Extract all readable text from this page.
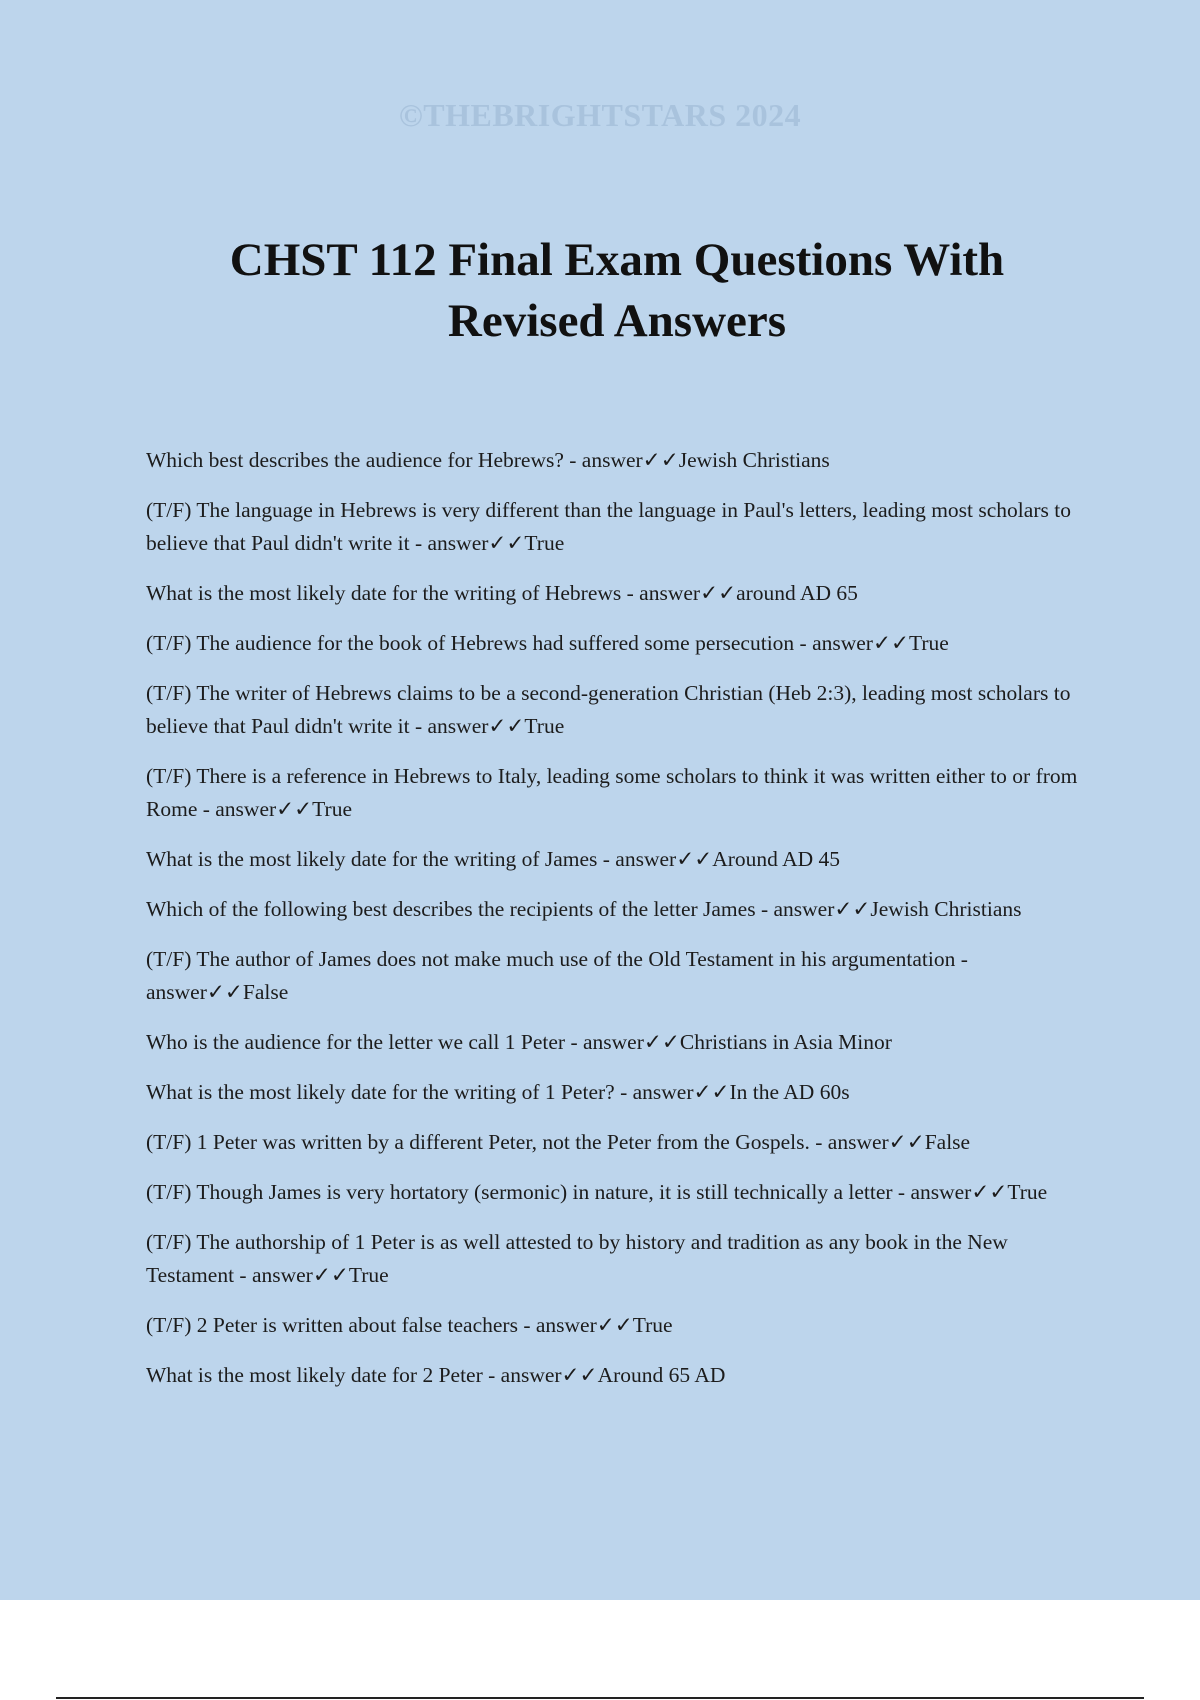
©THEBRIGHTSTARS 2024
CHST 112 Final Exam Questions With Revised Answers
Which best describes the audience for Hebrews? - answer✓✓Jewish Christians
(T/F) The language in Hebrews is very different than the language in Paul's letters, leading most scholars to believe that Paul didn't write it - answer✓✓True
What is the most likely date for the writing of Hebrews - answer✓✓around AD 65
(T/F) The audience for the book of Hebrews had suffered some persecution - answer✓✓True
(T/F) The writer of Hebrews claims to be a second-generation Christian (Heb 2:3), leading most scholars to believe that Paul didn't write it - answer✓✓True
(T/F) There is a reference in Hebrews to Italy, leading some scholars to think it was written either to or from Rome - answer✓✓True
What is the most likely date for the writing of James - answer✓✓Around AD 45
Which of the following best describes the recipients of the letter James - answer✓✓Jewish Christians
(T/F) The author of James does not make much use of the Old Testament in his argumentation - answer✓✓False
Who is the audience for the letter we call 1 Peter - answer✓✓Christians in Asia Minor
What is the most likely date for the writing of 1 Peter? - answer✓✓In the AD 60s
(T/F) 1 Peter was written by a different Peter, not the Peter from the Gospels. - answer✓✓False
(T/F) Though James is very hortatory (sermonic) in nature, it is still technically a letter - answer✓✓True
(T/F) The authorship of 1 Peter is as well attested to by history and tradition as any book in the New Testament - answer✓✓True
(T/F) 2 Peter is written about false teachers - answer✓✓True
What is the most likely date for 2 Peter - answer✓✓Around 65 AD
